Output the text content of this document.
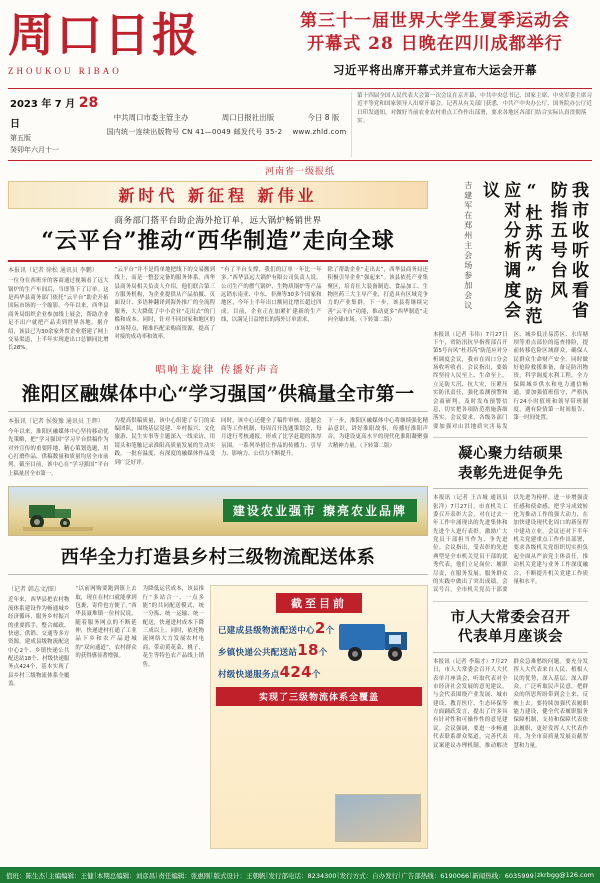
周口日报
ZHOUKOU RIBAO
第三十一届世界大学生夏季运动会
开幕式 28 日晚在四川成都举行
习近平将出席开幕式并宣布大运会开幕
2023 年 7 月 28日
第五版
癸卯年六月十一
中共周口市委主管主办	周口日报社出版	今日 8 版
国内统一连续出版物号 CN 41—0049 邮发代号 35-2 www.zhld.com
第十四届全国人民代表大会第一次会议在京开幕，中共中央总书记、国家主席、中央军委主席习近平等党和国家领导人出席开幕会。记者从有关部门获悉，中共产中央办公厅、国务院办公厅近日印发通知，对做好当前农业农村重点工作作出部署，要求各地区各部门结合实际认真贯彻落实。
河南省一级报纸
新时代 新征程 新伟业
商务部门搭平台助企海外抢订单，远大锅炉畅销世界
“云平台”推动“西华制造”走向全球
本报讯（记者 徐松 通讯员 李鹏）
一位身在西班牙的客商通过视频看了远大锅炉的生产车间后，当即签下了订单。这是西华县商务部门依托“云平台”助企开拓国际市场的一个缩影。今年以来，西华县商务局组织企业参加线上展会，帮助企业足不出户就把产品卖到世界各地。据介绍，该县已为30余家外贸企业搭建了网上交易渠道，上半年实现进出口总额同比增长28%。
“云平台”并不是简单地把线下的交易搬到线上，而是一整套完备的服务体系。西华县商务局相关负责人介绍，他们联合第三方服务机构，为企业提供从产品拍摄、页面设计、多语种翻译到海外推广的全流程服务，大大降低了中小企业“走出去”的门槛和成本。同时，针对不同国家和地区的市场特点，精准匹配采购商资源，提高了对接的成功率和效率。
“有了平台支撑，我们的订单一年比一年多。”西华县远大锅炉有限公司负责人说，公司生产的燃气锅炉、生物质锅炉等产品远销东南亚、中东、非洲等30多个国家和地区，今年上半年出口额同比增长超过四成。目前，企业正在加紧扩建新的生产线，以满足日益增长的海外订单需求。
除了帮助企业“走出去”，西华县商务局还积极引导企业“强起来”。该县依托产业集聚区，培育壮大装备制造、食品加工、生物医药三大主导产业，打造具有区域竞争力的产业集群。下一步，该县将继续完善“云平台”功能，推动更多“西华制造”走向全球市场。（下转第二版）
唱响主旋律 传播好声音
淮阳区融媒体中心“学习强国”供稿量全市第一
本报讯（记者 侯俊豫 通讯员 王辉）
今年以来，淮阳区融媒体中心坚持移动优先策略，把“学习强国”学习平台供稿作为对外宣传的重要阵地，精心策划选题，用心打磨作品，供稿数量和质量均居全市前列。截至目前，该中心在“学习强国”平台上稿量居全市第一。
为提高供稿质量，该中心组建了专门的采编团队，围绕基层党建、乡村振兴、文化旅游、民生实事等主题深入一线采访，用镜头和笔触记录淮阳高质量发展的生动实践，一批有温度、有深度的融媒体作品受到广泛好评。
同时，该中心还健全了稿件审核、选题会商等工作机制，每周召开选题策划会，每月进行考核通报，形成了比学赶超的浓厚氛围。一系列举措让作品的传播力、引导力、影响力、公信力不断提升。
下一步，淮阳区融媒体中心将继续强化精品意识，讲好淮阳故事，传播好淮阳声音，为建设更高水平的现代化淮阳凝聚强大精神力量。（下转第二版）
建设农业强市 擦亮农业品牌
西华全力打造县乡村三级物流配送体系
（记者 韩志文/图）
近年来，西华县把农村物流体系建设作为畅通城乡经济循环、服务乡村振兴的重要抓手，整合邮政、快递、供销、交通等多方资源，建成县级物流配送中心2个、乡镇快递公共配送站18个、村级快递服务点424个，基本实现了县乡村三级物流体系全覆盖。
“以前网购要跑到镇上去取，现在在村口就能拿到包裹，寄件也方便了。”西华县聂堆镇一位村民说。随着服务网点的不断延伸，快递进村打通了工业品下乡和农产品进城的“双向通道”，农村群众的获得感显著增强。
为降低运营成本，该县推行“多站合一、一点多能”的共同配送模式，统一分拣、统一运输、统一配送，快递进村成本下降三成以上。同时，依托物流网络大力发展农村电商，带动黄花菜、桃子、花生等特色农产品线上销售。
截至目前
已建成县级物流配送中心2个
乡镇快递公共配送站18个
村级快递服务点424个
实现了三级物流体系全覆盖
吉建军在郑州主会场参加会议	“杜苏芮”防范应对分析调度会议	我市收听收看省防指五号台风
本报讯（记者 韦伟）7月27日下午，省防汛抗旱指挥部召开第5号台风“杜苏芮”防范应对分析调度会议，我市在周口分会场收听收看。会议指出，要始终坚持人民至上、生命至上，立足防大汛、抗大灾，压紧压实防汛责任，强化监测预警和会商研判，及时发布预警信息，切实把各项防范措施落细落实。会议要求，各级各部门要加强对山洪地质灾害易发区、城乡低洼易涝区、水库塘坝等重点部位的巡查排险，提前转移危险区域群众，确保人民群众生命财产安全。同时做好抢险救援准备，备足防汛物资，科学调度水利工程，全力保障城乡供水和电力通信畅通。要加强值班值守，严格执行24小时值班和领导带班制度，遇有险情第一时间报告、第一时间处置。
凝心聚力结硕果
表彰先进促争先
本报讯（记者 王吉城 通讯员 张洋）7月27日，市直机关工委召开表彰大会，对在过去一年工作中涌现出的先进集体和先进个人进行表彰，激励广大党员干部担当作为、争先进位。会议指出，受表彰的先进典型是全市机关党员干部的优秀代表，他们立足岗位、履职尽责，在服务发展、服务群众的实践中做出了突出成绩。会议号召，全市机关党员干部要以先进为榜样，进一步增强责任感和使命感，把学习成效转化为推动工作的强大动力，在加快建设现代化周口的新征程中建功立业。会议还对下半年机关党建重点工作作出部署，要求各级机关党组织切实担负起全面从严治党主体责任，推动机关党建与业务工作深度融合，不断提升机关党建工作质量和水平。
市人大常委会召开
代表单月座谈会
本报讯（记者 李瑞才）7月27日，市人大常委会召开人大代表单月座谈会，听取代表对全市经济社会发展的意见建议。与会代表围绕产业发展、城市建设、教育医疗、生态环保等方面踊跃发言，提出了许多具有针对性和可操作性的意见建议。会议强调，要进一步畅通代表联系群众渠道，完善代表议案建议办理机制，推动解决群众急难愁盼问题。要充分发挥人大代表来自人民、植根人民的优势，深入基层、深入群众，广泛听取民声民意，把群众的所思所盼带到会上来、反映上去。要持续加强代表履职能力建设，健全代表履职服务保障机制，支持和保障代表依法履职，更好发挥人大代表作用，为全市高质量发展贡献智慧和力量。
值班：陈生杰 | 主编编辑：王健 | 本期总编辑：刘彦昌 | 责任编辑：张惠刚 | 版式设计：王朝帆 | 发行部电话：8234300 | 发行方式：自办发行 | 广告部热线：6190066 | 新闻热线：6035999 | zkrbgg@126.com
